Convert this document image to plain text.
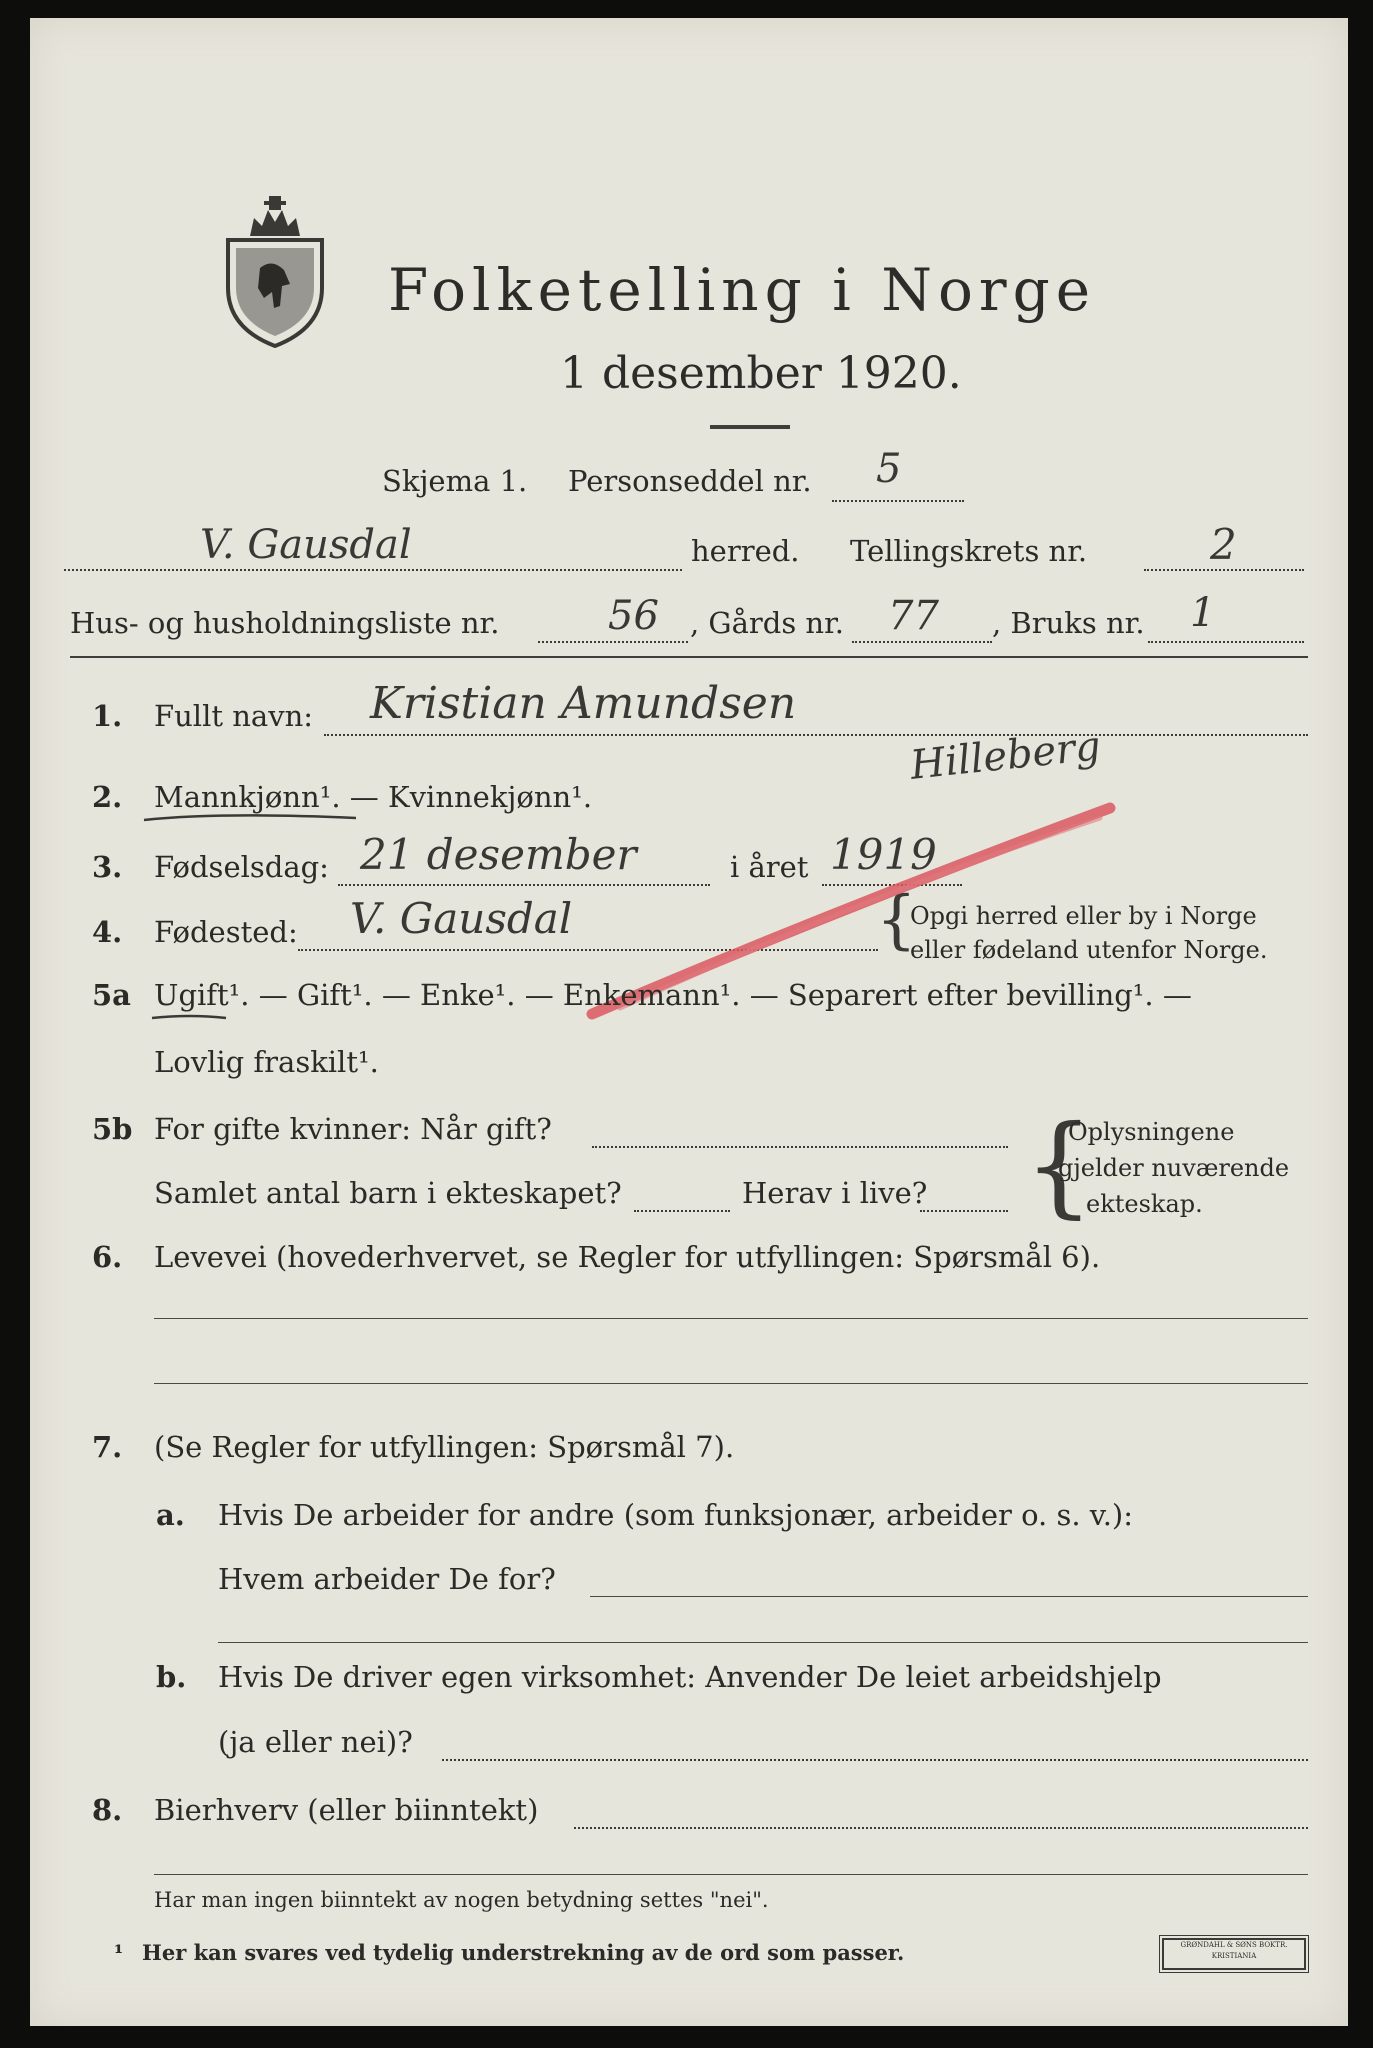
Folketelling i Norge
1 desember 1920.
Skjema 1. Personseddel nr. 5
V. Gausdal	herred. Tellingskrets nr.	2
Hus- og husholdningsliste nr.	56 , Gårds nr. 77 , Bruks nr. 1
1. Fullt navn: Kristian Amundsen
Hilleberg
2. Mannkjønn¹. — Kvinnekjønn¹.
3. Fødselsdag: 21 desember	i året 1919
4. Fødested: V. Gausdal	{
Opgi herred eller by i Norge
eller fødeland utenfor Norge.
5a Ugift¹. — Gift¹. — Enke¹. — Enkemann¹. — Separert efter bevilling¹. —
Lovlig fraskilt¹.
5b For gifte kvinner: Når gift?
Samlet antal barn i ekteskapet?	Herav i live? {
Oplysningene
gjelder nuværende
ekteskap.
6. Levevei (hovederhvervet, se Regler for utfyllingen: Spørsmål 6).
7. (Se Regler for utfyllingen: Spørsmål 7).
a. Hvis De arbeider for andre (som funksjonær, arbeider o. s. v.):
Hvem arbeider De for?
b. Hvis De driver egen virksomhet: Anvender De leiet arbeidshjelp
(ja eller nei)?
8. Bierhverv (eller biinntekt)
Har man ingen biinntekt av nogen betydning settes "nei".
¹ Her kan svares ved tydelig understrekning av de ord som passer.	GRØNDAHL & SØNS BOKTR.
KRISTIANIA
